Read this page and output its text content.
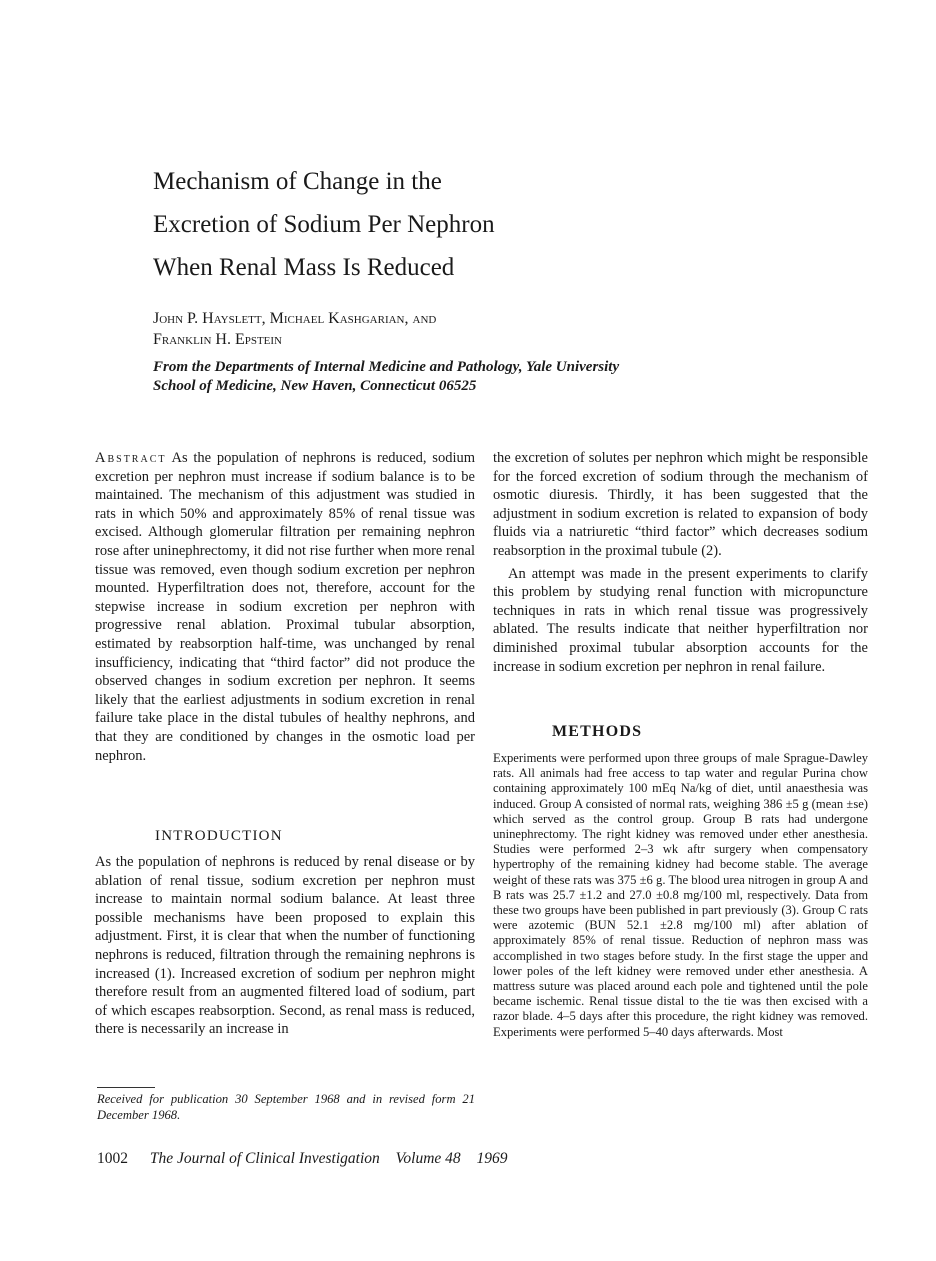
Mechanism of Change in the
Excretion of Sodium Per Nephron
When Renal Mass Is Reduced
John P. Hayslett, Michael Kashgarian, and
Franklin H. Epstein
From the Departments of Internal Medicine and Pathology, Yale University
School of Medicine, New Haven, Connecticut 06525

Abstract As the population of nephrons is reduced, sodium excretion per nephron must increase if sodium balance is to be maintained. The mechanism of this adjustment was studied in rats in which 50% and approximately 85% of renal tissue was excised. Although glomerular filtration per remaining nephron rose after uninephrectomy, it did not rise further when more renal tissue was removed, even though sodium excretion per nephron mounted. Hyperfiltration does not, therefore, account for the stepwise increase in sodium excretion per nephron with progressive renal ablation. Proximal tubular absorption, estimated by reabsorption half-time, was unchanged by renal insufficiency, indicating that “third factor” did not produce the observed changes in sodium excretion per nephron. It seems likely that the earliest adjustments in sodium excretion in renal failure take place in the distal tubules of healthy nephrons, and that they are conditioned by changes in the osmotic load per nephron.

INTRODUCTION

As the population of nephrons is reduced by renal disease or by ablation of renal tissue, sodium excretion per nephron must increase to maintain normal sodium balance. At least three possible mechanisms have been proposed to explain this adjustment. First, it is clear that when the number of functioning nephrons is reduced, filtration through the remaining nephrons is increased (1). Increased excretion of sodium per nephron might therefore result from an augmented filtered load of sodium, part of which escapes reabsorption. Second, as renal mass is reduced, there is necessarily an increase in

Received for publication 30 September 1968 and in revised form 21 December 1968.

the excretion of solutes per nephron which might be responsible for the forced excretion of sodium through the mechanism of osmotic diuresis. Thirdly, it has been suggested that the adjustment in sodium excretion is related to expansion of body fluids via a natriuretic “third factor” which decreases sodium reabsorption in the proximal tubule (2).

An attempt was made in the present experiments to clarify this problem by studying renal function with micropuncture techniques in rats in which renal tissue was progressively ablated. The results indicate that neither hyperfiltration nor diminished proximal tubular absorption accounts for the increase in sodium excretion per nephron in renal failure.

METHODS

Experiments were performed upon three groups of male Sprague-Dawley rats. All animals had free access to tap water and regular Purina chow containing approximately 100 mEq Na/kg of diet, until anaesthesia was induced. Group A consisted of normal rats, weighing 386 ±5 g (mean ±se) which served as the control group. Group B rats had undergone uninephrectomy. The right kidney was removed under ether anesthesia. Studies were performed 2–3 wk aftr surgery when compensatory hypertrophy of the remaining kidney had become stable. The average weight of these rats was 375 ±6 g. The blood urea nitrogen in group A and B rats was 25.7 ±1.2 and 27.0 ±0.8 mg/100 ml, respectively. Data from these two groups have been published in part previously (3). Group C rats were azotemic (BUN 52.1 ±2.8 mg/100 ml) after ablation of approximately 85% of renal tissue. Reduction of nephron mass was accomplished in two stages before study. In the first stage the upper and lower poles of the left kidney were removed under ether anesthesia. A mattress suture was placed around each pole and tightened until the pole became ischemic. Renal tissue distal to the tie was then excised with a razor blade. 4–5 days after this procedure, the right kidney was removed. Experiments were performed 5–40 days afterwards. Most

1002 The Journal of Clinical Investigation Volume 48 1969
